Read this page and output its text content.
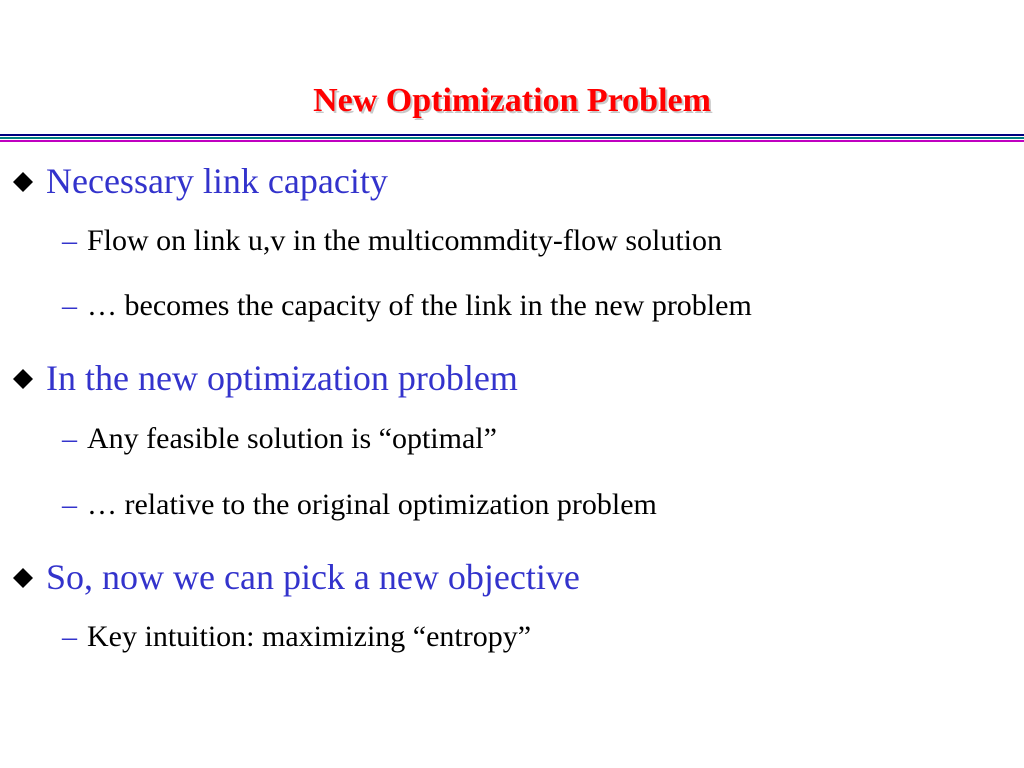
New Optimization Problem
Necessary link capacity
– Flow on link u,v in the multicommdity-flow solution
– … becomes the capacity of the link in the new problem
In the new optimization problem
– Any feasible solution is “optimal”
– … relative to the original optimization problem
So, now we can pick a new objective
– Key intuition: maximizing “entropy”
